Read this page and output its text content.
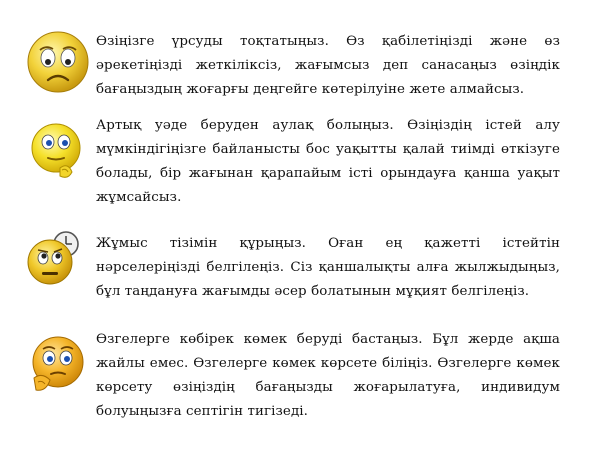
Өзіңізге үрсуды тоқтатыңыз. Өз қабілетіңізді және өз әрекетіңізді жеткіліксіз, жағымсыз деп санасаңыз өзіңдік бағаңыздың жоғарғы деңгейге көтерілуіне жете алмайсыз.

Артық уәде беруден аулақ болыңыз. Өзіңіздің істей алу мүмкіндігіңізге байланысты бос уақытты қалай тиімді өткізуге болады, бір жағынан қарапайым істі орындауға қанша уақыт жұмсайсыз.

Жұмыс тізімін құрыңыз. Оған ең қажетті істейтін нәрселеріңізді белгілеңіз. Сіз қаншалықты алға жылжыдыңыз, бұл таңдануға жағымды әсер болатынын мұқият белгілеңіз.

Өзгелерге көбірек көмек беруді бастаңыз. Бұл жерде ақша жайлы емес. Өзгелерге көмек көрсете біліңіз. Өзгелерге көмек көрсету өзіңіздің бағаңызды жоғарылатуға, индивидум болуыңызға септігін тигізеді.
